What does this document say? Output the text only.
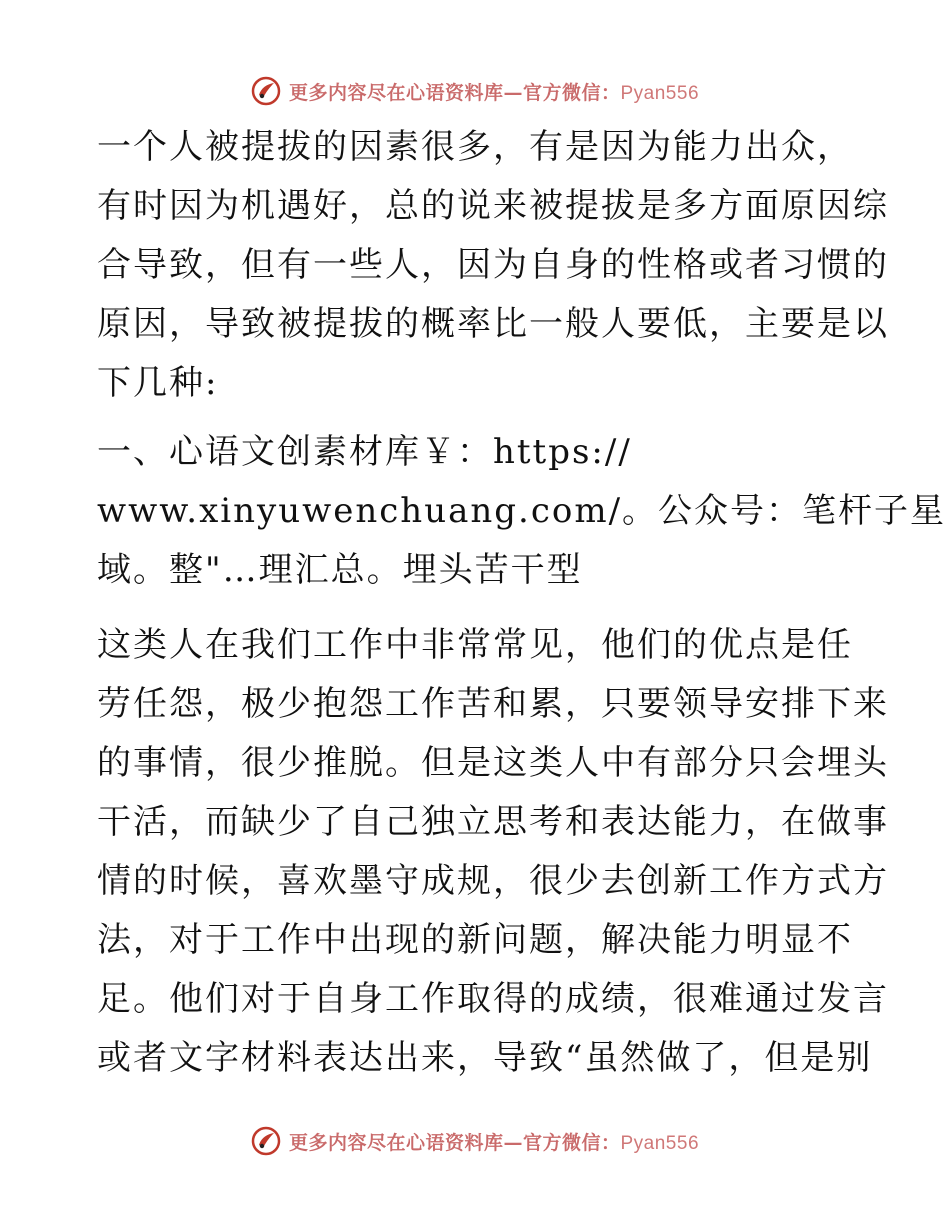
更多内容尽在心语资料库—官方微信：Pyan556

一个人被提拔的因素很多，有是因为能力出众，
有时因为机遇好，总的说来被提拔是多方面原因综
合导致，但有一些人，因为自身的性格或者习惯的
原因，导致被提拔的概率比一般人要低，主要是以
下几种:

一、心语文创素材库￥：https://
www.xinyuwenchuang.com/。公众号：笔杆子星
域。整"…理汇总。埋头苦干型

这类人在我们工作中非常常见，他们的优点是任
劳任怨，极少抱怨工作苦和累，只要领导安排下来
的事情，很少推脱。但是这类人中有部分只会埋头
干活，而缺少了自己独立思考和表达能力，在做事
情的时候，喜欢墨守成规，很少去创新工作方式方
法，对于工作中出现的新问题，解决能力明显不
足。他们对于自身工作取得的成绩，很难通过发言
或者文字材料表达出来，导致“虽然做了，但是别

更多内容尽在心语资料库—官方微信：Pyan556
